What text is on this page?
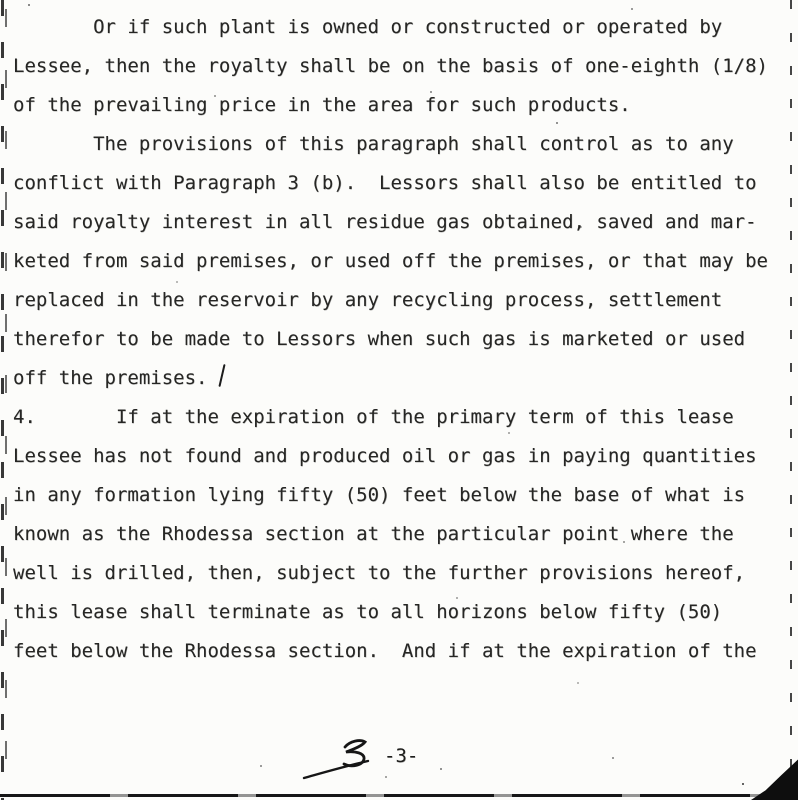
Or if such plant is owned or constructed or operated by
Lessee, then the royalty shall be on the basis of one-eighth (1/8)
of the prevailing price in the area for such products.
The provisions of this paragraph shall control as to any
conflict with Paragraph 3 (b).  Lessors shall also be entitled to
said royalty interest in all residue gas obtained, saved and mar-
keted from said premises, or used off the premises, or that may be
replaced in the reservoir by any recycling process, settlement
therefor to be made to Lessors when such gas is marketed or used
off the premises.
4.       If at the expiration of the primary term of this lease
Lessee has not found and produced oil or gas in paying quantities
in any formation lying fifty (50) feet below the base of what is
known as the Rhodessa section at the particular point where the
well is drilled, then, subject to the further provisions hereof,
this lease shall terminate as to all horizons below fifty (50)
feet below the Rhodessa section.  And if at the expiration of the
-3-
